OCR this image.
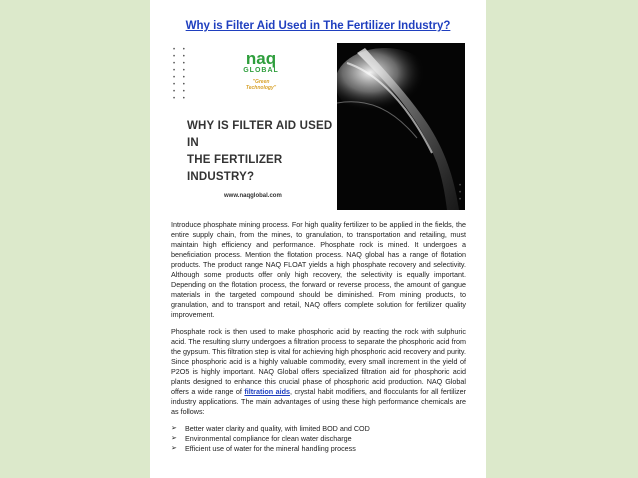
Why is Filter Aid Used in The Fertilizer Industry?
• • • •
• • • •
• • • •
• • • •
naq
GLOBAL

"Green Technology"
WHY IS FILTER AID USED IN
THE FERTILIZER INDUSTRY?
www.naqglobal.com
•
•
•

Introduce phosphate mining process. For high quality fertilizer to be applied in the fields, the entire supply chain, from the mines, to granulation, to transportation and retailing, must maintain high efficiency and performance. Phosphate rock is mined. It undergoes a beneficiation process. Mention the flotation process. NAQ global has a range of flotation products. The product range NAQ FLOAT yields a high phosphate recovery and selectivity. Although some products offer only high recovery, the selectivity is equally important. Depending on the flotation process, the forward or reverse process, the amount of gangue materials in the targeted compound should be diminished. From mining products, to granulation, and to transport and retail, NAQ offers complete solution for fertilizer quality improvement.

Phosphate rock is then used to make phosphoric acid by reacting the rock with sulphuric acid. The resulting slurry undergoes a filtration process to separate the phosphoric acid from the gypsum. This filtration step is vital for achieving high phosphoric acid recovery and purity. Since phosphoric acid is a highly valuable commodity, every small increment in the yield of P2O5 is highly important. NAQ Global offers specialized filtration aid for phosphoric acid plants designed to enhance this crucial phase of phosphoric acid production. NAQ Global offers a wide range of filtration aids, crystal habit modifiers, and flocculants for all fertilizer industry applications. The main advantages of using these high performance chemicals are as follows:

➢ Better water clarity and quality, with limited BOD and COD
➢ Environmental compliance for clean water discharge
➢ Efficient use of water for the mineral handling process
